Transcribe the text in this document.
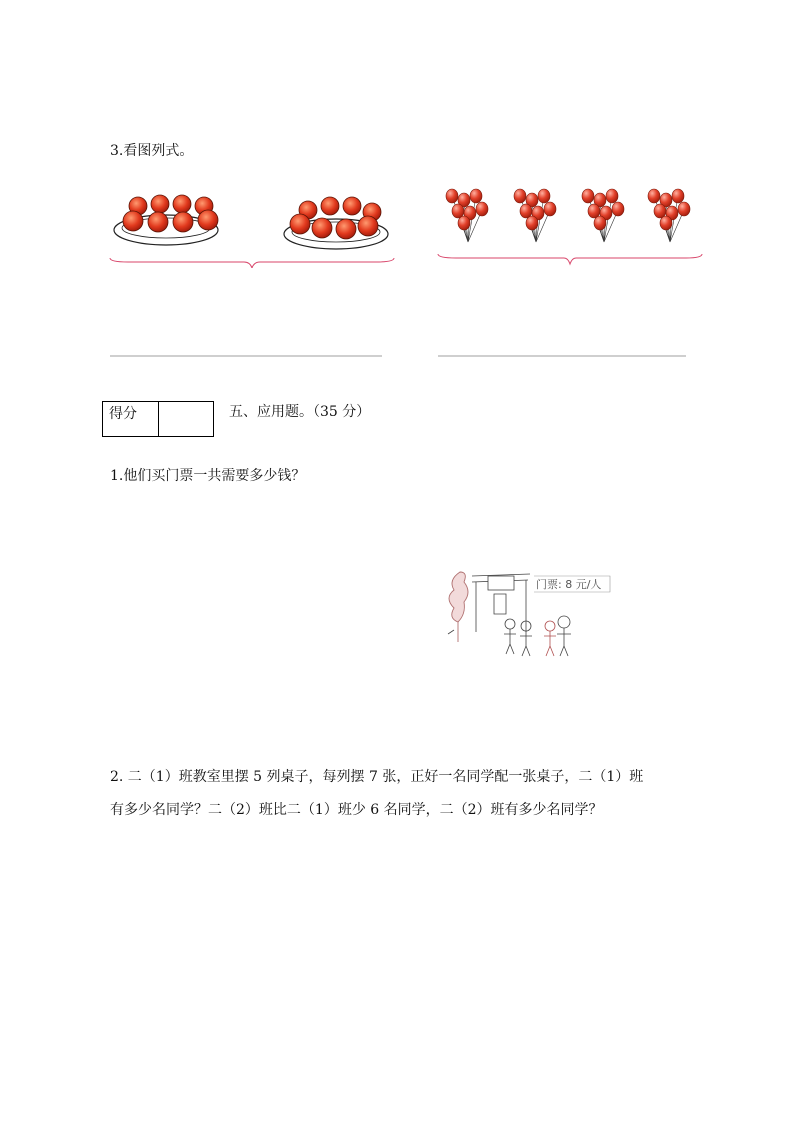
3.看图列式。
得分	五、应用题。（35 分）
1.他们买门票一共需要多少钱？
门票: 8 元/人
2. 二（1）班教室里摆 5 列桌子，每列摆 7 张，正好一名同学配一张桌子，二（1）班
有多少名同学？二（2）班比二（1）班少 6 名同学，二（2）班有多少名同学？
